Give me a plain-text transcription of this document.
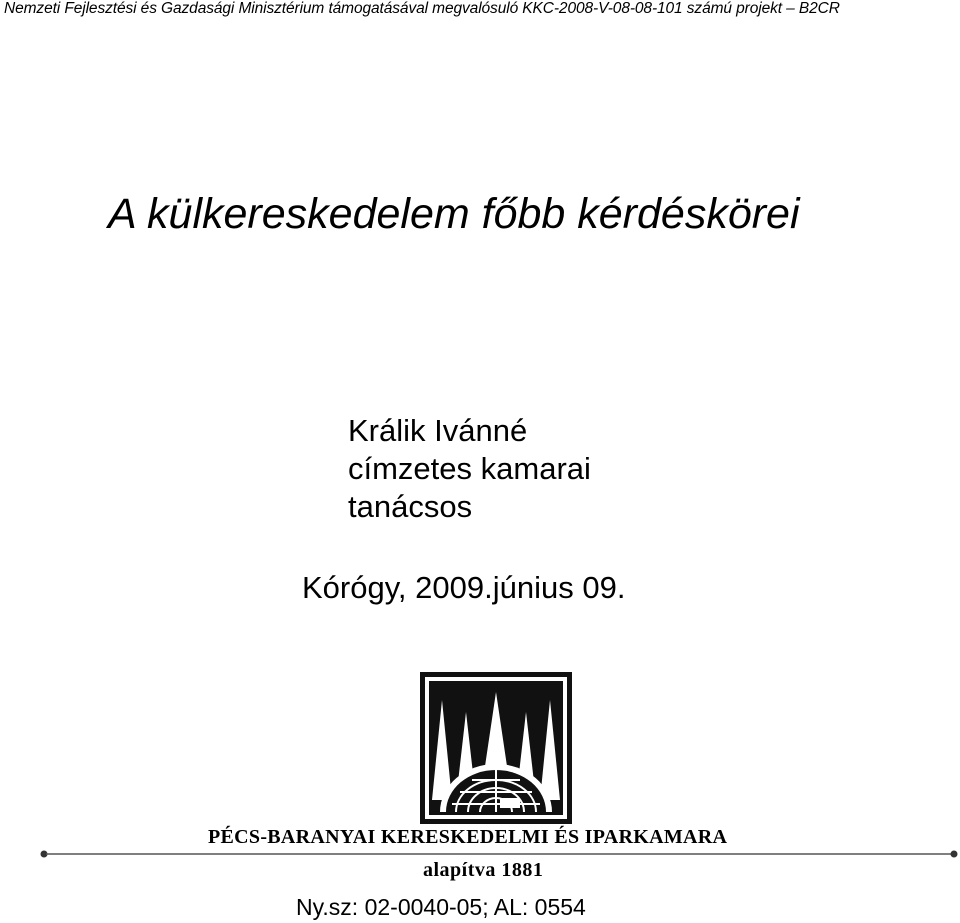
Nemzeti Fejlesztési és Gazdasági Minisztérium támogatásával megvalósuló KKC-2008-V-08-08-101 számú projekt – B2CR
A külkereskedelem főbb kérdéskörei
Králik Ivánné
címzetes kamarai
tanácsos
Kórógy, 2009.június 09.
PÉCS-BARANYAI KERESKEDELMI ÉS IPARKAMARA
alapítva 1881
Ny.sz: 02-0040-05; AL: 0554
